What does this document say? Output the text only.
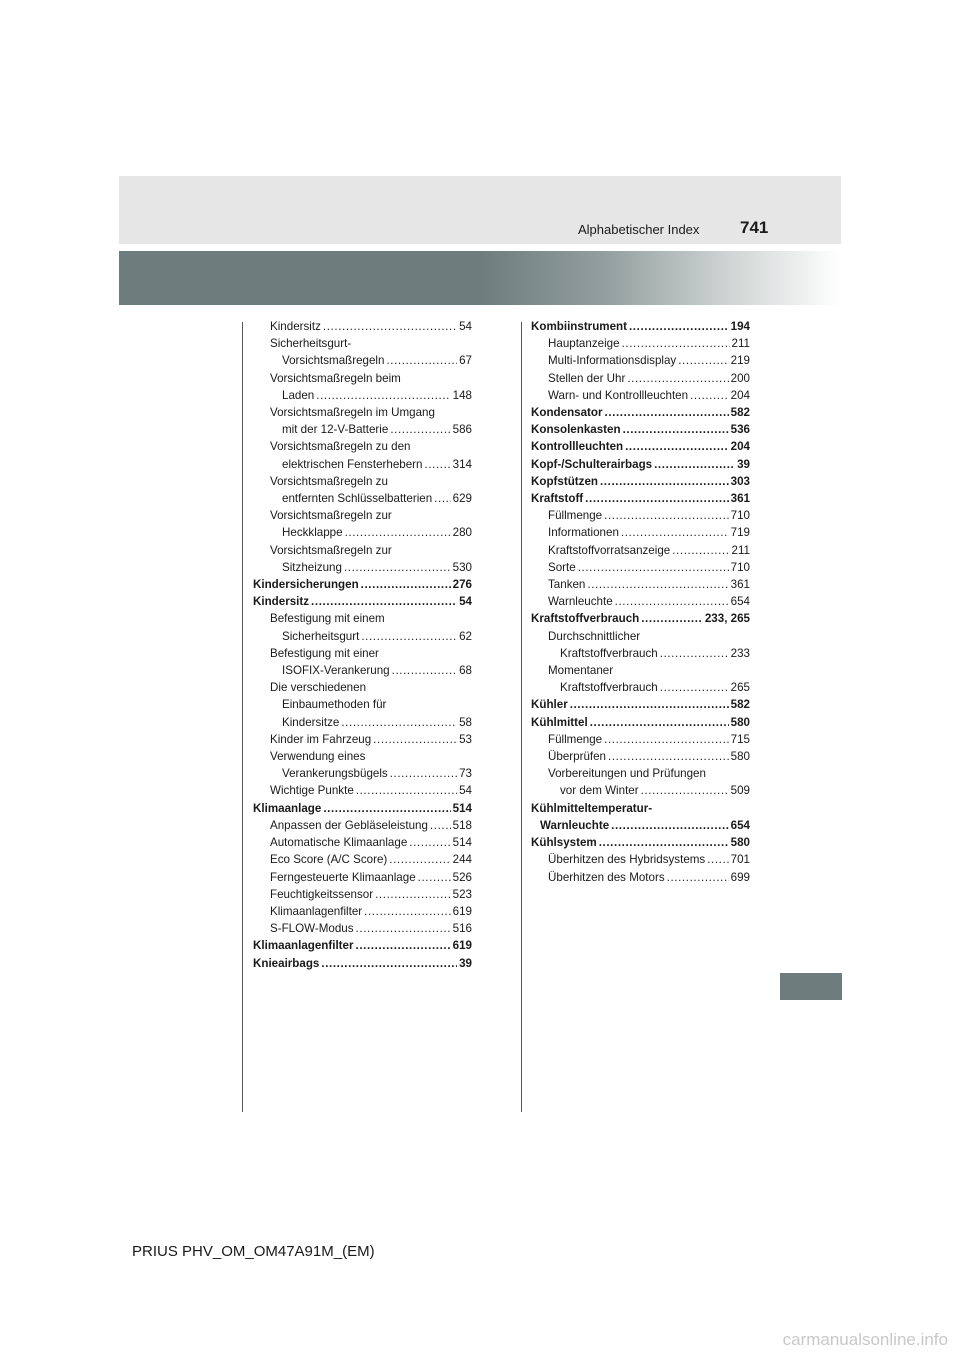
Alphabetischer Index 741
Kindersitz .....	54
Sicherheitsgurt-
Vorsichtsmaßregeln .....	67
Vorsichtsmaßregeln beim
Laden .....	148
Vorsichtsmaßregeln im Umgang
mit der 12-V-Batterie .....	586
Vorsichtsmaßregeln zu den
elektrischen Fensterhebern .....	314
Vorsichtsmaßregeln zu
entfernten Schlüsselbatterien ..... 629
Vorsichtsmaßregeln zur
Heckklappe .....	280
Vorsichtsmaßregeln zur
Sitzheizung .....	530
Kindersicherungen .....	276
Kindersitz .....	54
Befestigung mit einem
Sicherheitsgurt .....	62
Befestigung mit einer
ISOFIX-Verankerung .....	68
Die verschiedenen
Einbaumethoden für
Kindersitze .....	58
Kinder im Fahrzeug .....	53
Verwendung eines
Verankerungsbügels .....	73
Wichtige Punkte .....	54
Klimaanlage .....	514
Anpassen der Gebläseleistung ..... 518
Automatische Klimaanlage .....	514
Eco Score (A/C Score) .....	244
Ferngesteuerte Klimaanlage .....	526
Feuchtigkeitssensor .....	523
Klimaanlagenfilter .....	619
S-FLOW-Modus .....	516
Klimaanlagenfilter .....	619
Knieairbags .....	39
Kombiinstrument .....	194
Hauptanzeige .....	211
Multi-Informationsdisplay .....	219
Stellen der Uhr .....	200
Warn- und Kontrollleuchten .....	204
Kondensator .....	582
Konsolenkasten .....	536
Kontrollleuchten .....	204
Kopf-/Schulterairbags .....	39
Kopfstützen .....	303
Kraftstoff .....	361
Füllmenge .....	710
Informationen .....	719
Kraftstoffvorratsanzeige .....	211
Sorte .....	710
Tanken .....	361
Warnleuchte .....	654
Kraftstoffverbrauch .....	233, 265
Durchschnittlicher
Kraftstoffverbrauch .....	233
Momentaner
Kraftstoffverbrauch .....	265
Kühler .....	582
Kühlmittel .....	580
Füllmenge .....	715
Überprüfen .....	580
Vorbereitungen und Prüfungen
vor dem Winter .....	509
Kühlmitteltemperatur-
Warnleuchte .....	654
Kühlsystem .....	580
Überhitzen des Hybridsystems ..... 701
Überhitzen des Motors .....	699
PRIUS PHV_OM_OM47A91M_(EM)
carmanualsonline.info
